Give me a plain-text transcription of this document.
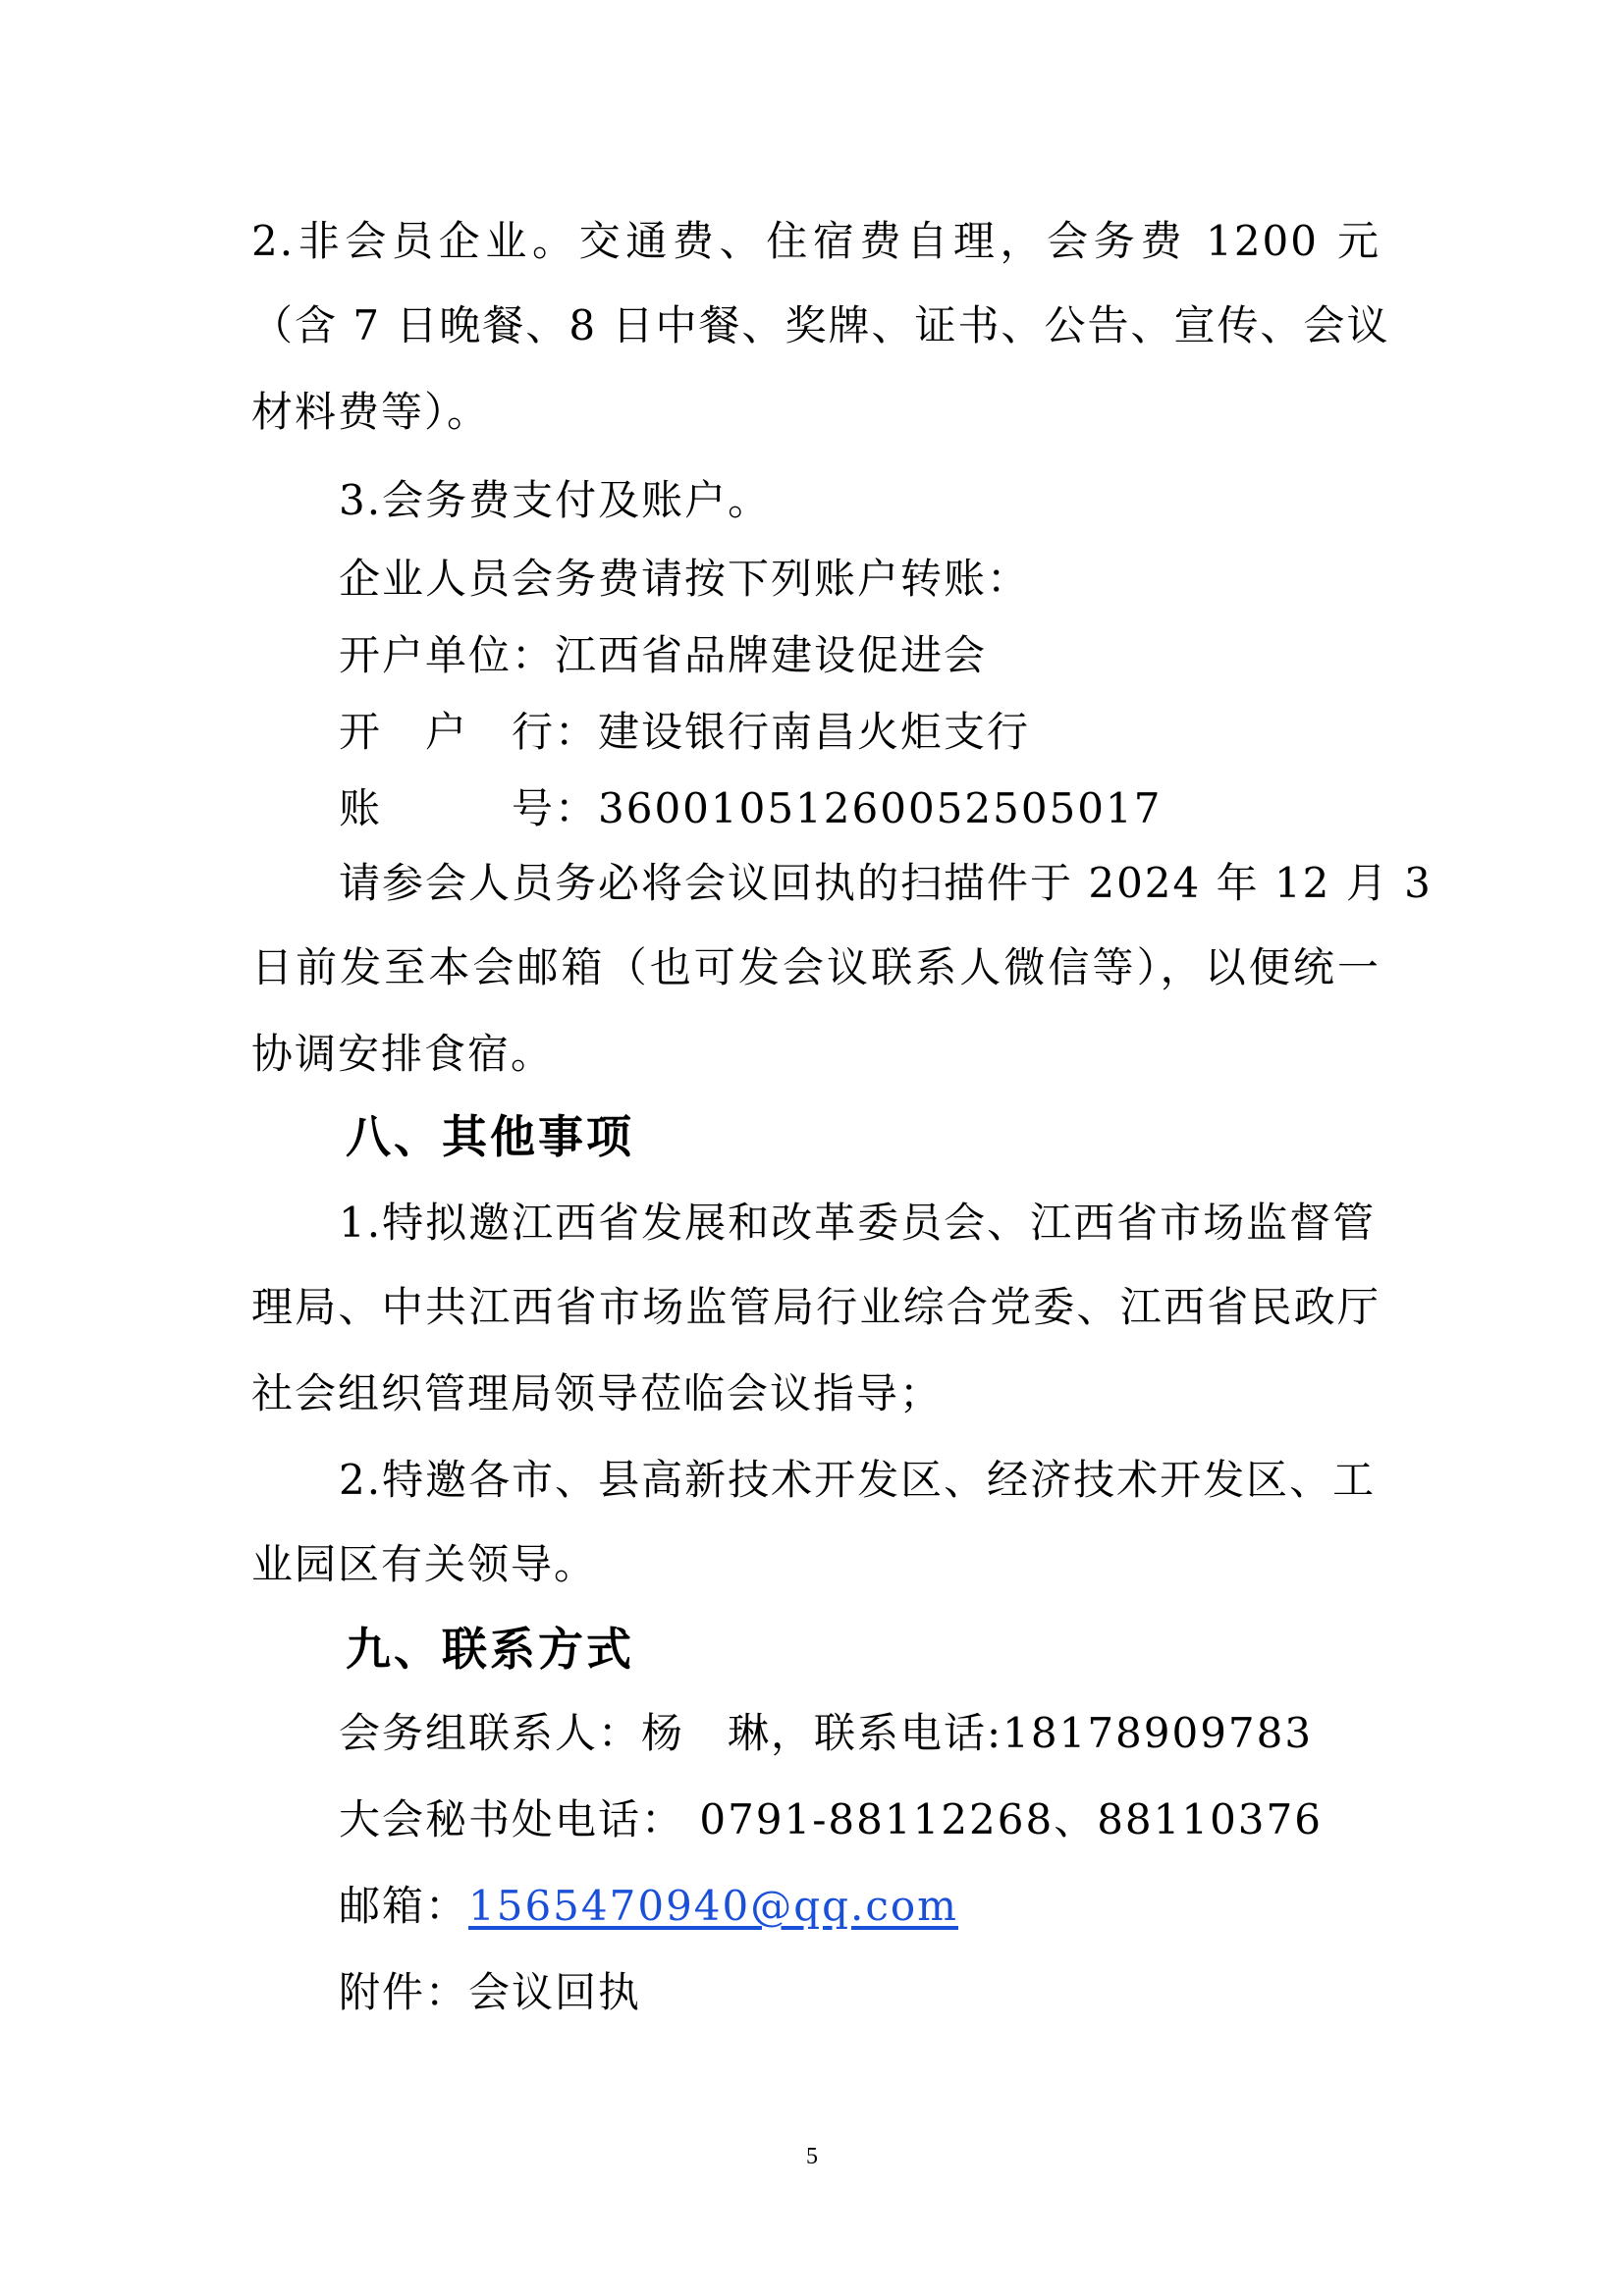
2.非会员企业。交通费、住宿费自理，会务费 1200 元
（含 7 日晚餐、8 日中餐、奖牌、证书、公告、宣传、会议
材料费等）。
3.会务费支付及账户。
企业人员会务费请按下列账户转账：
开户单位：江西省品牌建设促进会
开　户　行：建设银行南昌火炬支行
账　　　号：36001051260052505017
请参会人员务必将会议回执的扫描件于 2024 年 12 月 3
日前发至本会邮箱（也可发会议联系人微信等），以便统一
协调安排食宿。
八、其他事项
1.特拟邀江西省发展和改革委员会、江西省市场监督管
理局、中共江西省市场监管局行业综合党委、江西省民政厅
社会组织管理局领导莅临会议指导；
2.特邀各市、县高新技术开发区、经济技术开发区、工
业园区有关领导。
九、联系方式
会务组联系人：杨　琳，联系电话:18178909783
大会秘书处电话： 0791-88112268、88110376
邮箱：1565470940@qq.com
附件：会议回执
5
